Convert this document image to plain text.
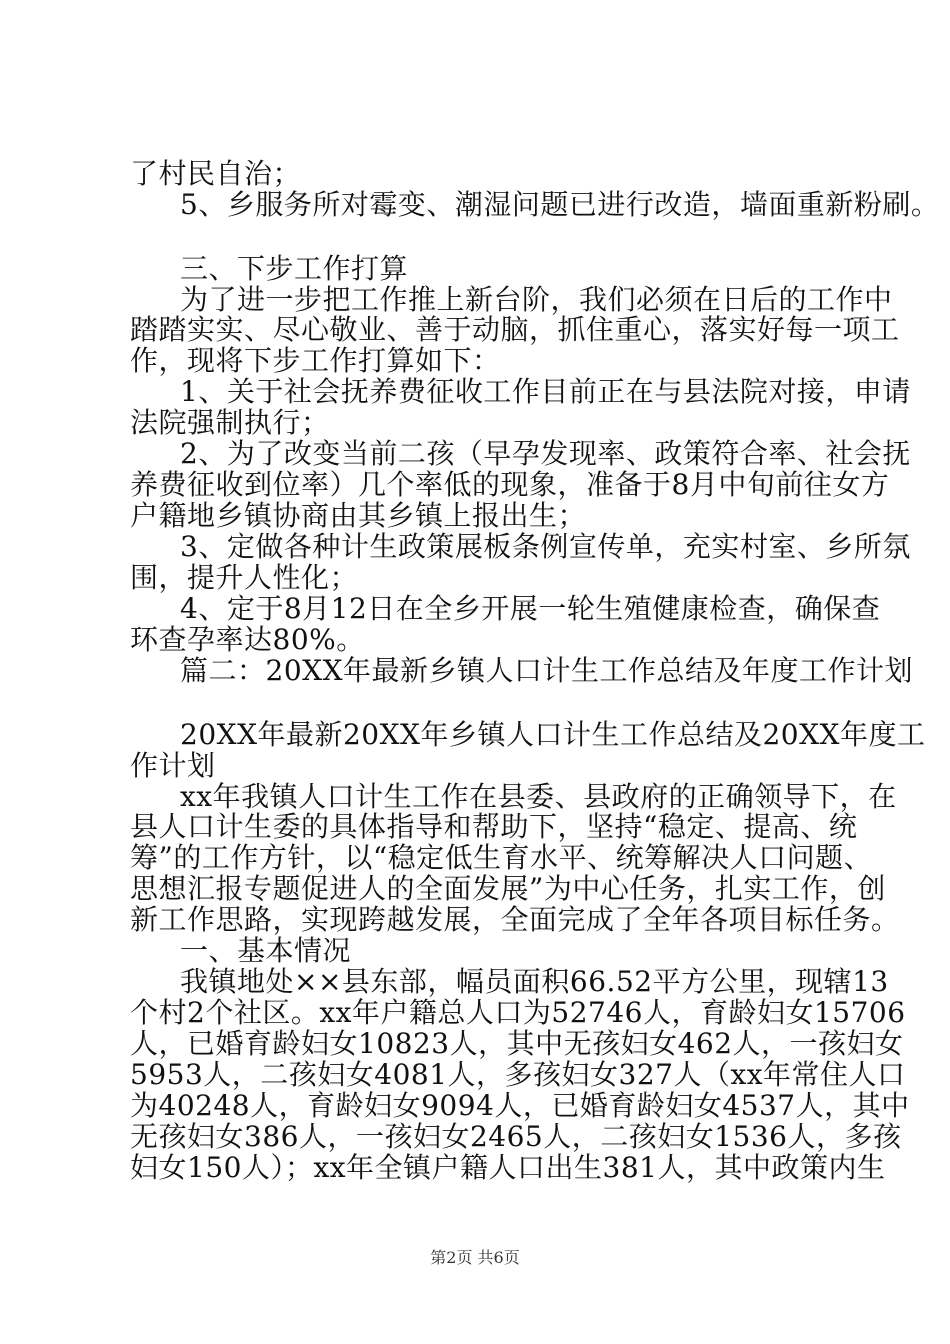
了村民自治；
5、乡服务所对霉变、潮湿问题已进行改造，墙面重新粉刷。
三、下步工作打算
为了进一步把工作推上新台阶，我们必须在日后的工作中
踏踏实实、尽心敬业、善于动脑，抓住重心，落实好每一项工
作，现将下步工作打算如下：
1、关于社会抚养费征收工作目前正在与县法院对接，申请
法院强制执行；
2、为了改变当前二孩（早孕发现率、政策符合率、社会抚
养费征收到位率）几个率低的现象，准备于8月中旬前往女方
户籍地乡镇协商由其乡镇上报出生；
3、定做各种计生政策展板条例宣传单，充实村室、乡所氛
围，提升人性化；
4、定于8月12日在全乡开展一轮生殖健康检查，确保查
环查孕率达80%。
篇二：20XX年最新乡镇人口计生工作总结及年度工作计划
20XX年最新20XX年乡镇人口计生工作总结及20XX年度工
作计划
xx年我镇人口计生工作在县委、县政府的正确领导下，在
县人口计生委的具体指导和帮助下，坚持“稳定、提高、统
筹”的工作方针，以“稳定低生育水平、统筹解决人口问题、
思想汇报专题促进人的全面发展”为中心任务，扎实工作，创
新工作思路，实现跨越发展，全面完成了全年各项目标任务。
一、基本情况
我镇地处××县东部，幅员面积66.52平方公里，现辖13
个村2个社区。xx年户籍总人口为52746人，育龄妇女15706
人，已婚育龄妇女10823人，其中无孩妇女462人，一孩妇女
5953人，二孩妇女4081人，多孩妇女327人（xx年常住人口
为40248人，育龄妇女9094人，已婚育龄妇女4537人，其中
无孩妇女386人，一孩妇女2465人，二孩妇女1536人，多孩
妇女150人）；xx年全镇户籍人口出生381人，其中政策内生
第2页 共6页
